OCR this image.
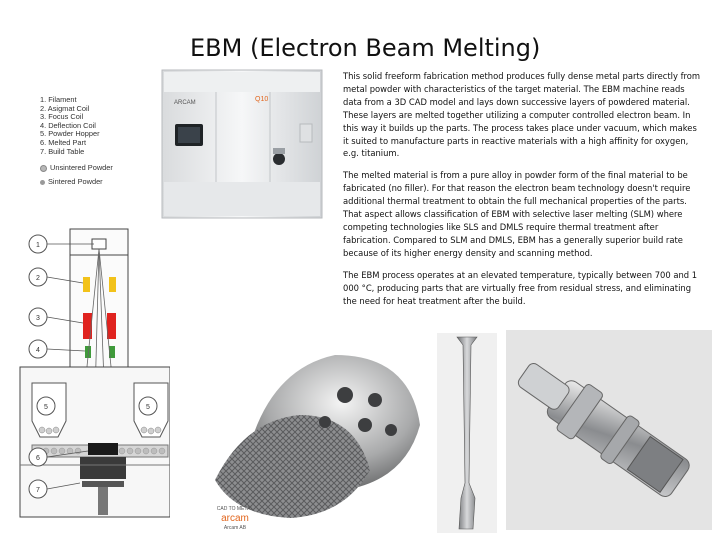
EBM (Electron Beam Melting)
1. Filament
2. Asigmat Coil
3. Focus Coil
4. Deflection Coil
5. Powder Hopper
6. Melted Part
7. Build Table
Unsintered Powder
Sintered Powder
ARCAM	Q10
1
2
3
4
5	5
6
7
CAD TO METAL
arcam
Arcam AB

This solid freeform fabrication method produces fully dense metal parts directly from metal powder with characteristics of the target material. The EBM machine reads data from a 3D CAD model and lays down successive layers of powdered material. These layers are melted together utilizing a computer controlled electron beam. In this way it builds up the parts. The process takes place under vacuum, which makes it suited to manufacture parts in reactive materials with a high affinity for oxygen, e.g. titanium.

The melted material is from a pure alloy in powder form of the final material to be fabricated (no filler). For that reason the electron beam technology doesn't require additional thermal treatment to obtain the full mechanical properties of the parts. That aspect allows classification of EBM with selective laser melting (SLM) where competing technologies like SLS and DMLS require thermal treatment after fabrication. Compared to SLM and DMLS, EBM has a generally superior build rate because of its higher energy density and scanning method.

The EBM process operates at an elevated temperature, typically between 700 and 1 000 °C, producing parts that are virtually free from residual stress, and eliminating the need for heat treatment after the build.
